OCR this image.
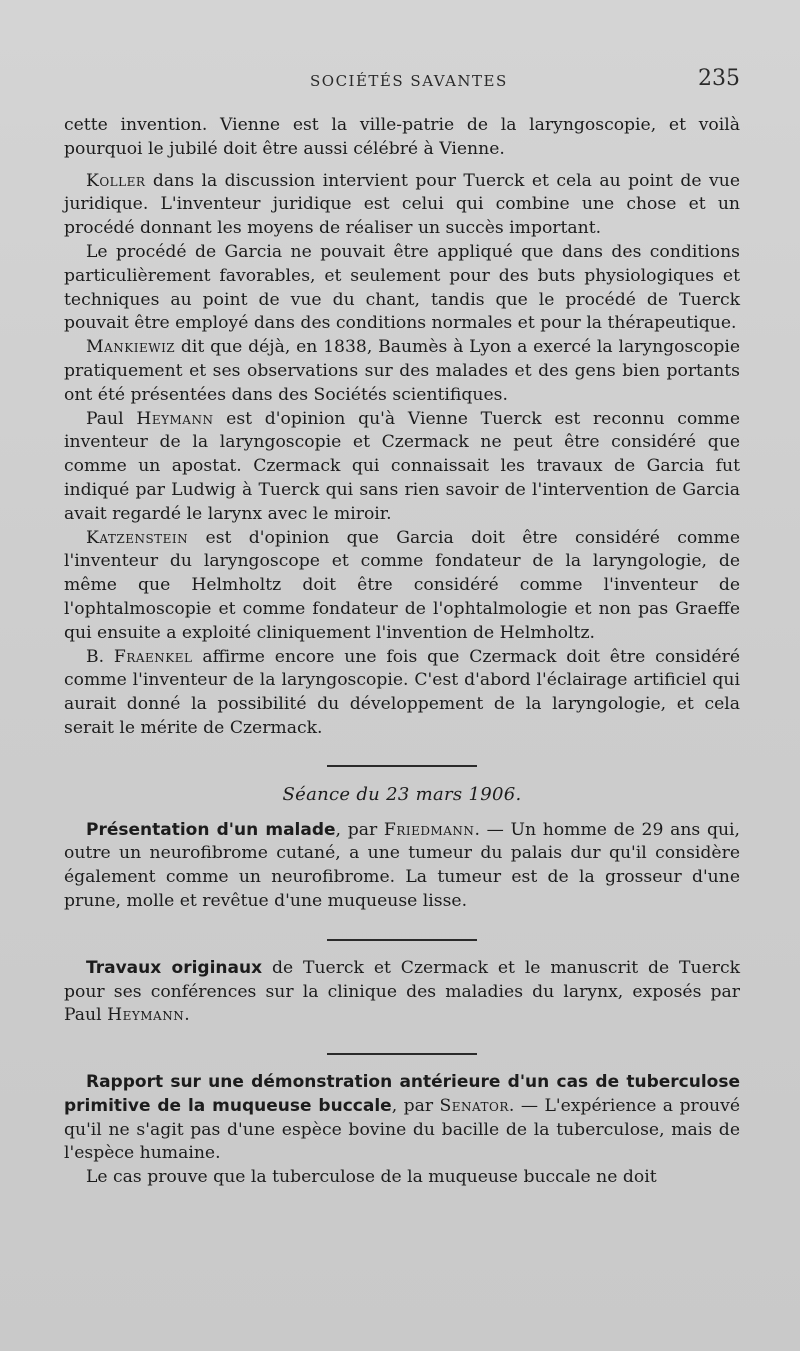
SOCIÉTÉS SAVANTES	235

cette invention. Vienne est la ville-patrie de la laryngoscopie, et voilà pourquoi le jubilé doit être aussi célébré à Vienne.

Koller dans la discussion intervient pour Tuerck et cela au point de vue juridique. L'inventeur juridique est celui qui combine une chose et un procédé donnant les moyens de réaliser un succès important.

Le procédé de Garcia ne pouvait être appliqué que dans des conditions particulièrement favorables, et seulement pour des buts physiologiques et techniques au point de vue du chant, tandis que le procédé de Tuerck pouvait être employé dans des conditions normales et pour la thérapeutique.

Mankiewiz dit que déjà, en 1838, Baumès à Lyon a exercé la laryngoscopie pratiquement et ses observations sur des malades et des gens bien portants ont été présentées dans des Sociétés scientifiques.

Paul Heymann est d'opinion qu'à Vienne Tuerck est reconnu comme inventeur de la laryngoscopie et Czermack ne peut être considéré que comme un apostat. Czermack qui connaissait les travaux de Garcia fut indiqué par Ludwig à Tuerck qui sans rien savoir de l'intervention de Garcia avait regardé le larynx avec le miroir.

Katzenstein est d'opinion que Garcia doit être considéré comme l'inventeur du laryngoscope et comme fondateur de la laryngologie, de même que Helmholtz doit être considéré comme l'inventeur de l'ophtalmoscopie et comme fondateur de l'ophtalmologie et non pas Graeffe qui ensuite a exploité cliniquement l'invention de Helmholtz.

B. Fraenkel affirme encore une fois que Czermack doit être considéré comme l'inventeur de la laryngoscopie. C'est d'abord l'éclairage artificiel qui aurait donné la possibilité du développement de la laryngologie, et cela serait le mérite de Czermack.

Séance du 23 mars 1906.

Présentation d'un malade, par Friedmann. — Un homme de 29 ans qui, outre un neurofibrome cutané, a une tumeur du palais dur qu'il considère également comme un neurofibrome. La tumeur est de la grosseur d'une prune, molle et revêtue d'une muqueuse lisse.

Travaux originaux de Tuerck et Czermack et le manuscrit de Tuerck pour ses conférences sur la clinique des maladies du larynx, exposés par Paul Heymann.

Rapport sur une démonstration antérieure d'un cas de tuberculose primitive de la muqueuse buccale, par Senator. — L'expérience a prouvé qu'il ne s'agit pas d'une espèce bovine du bacille de la tuberculose, mais de l'espèce humaine.

Le cas prouve que la tuberculose de la muqueuse buccale ne doit
